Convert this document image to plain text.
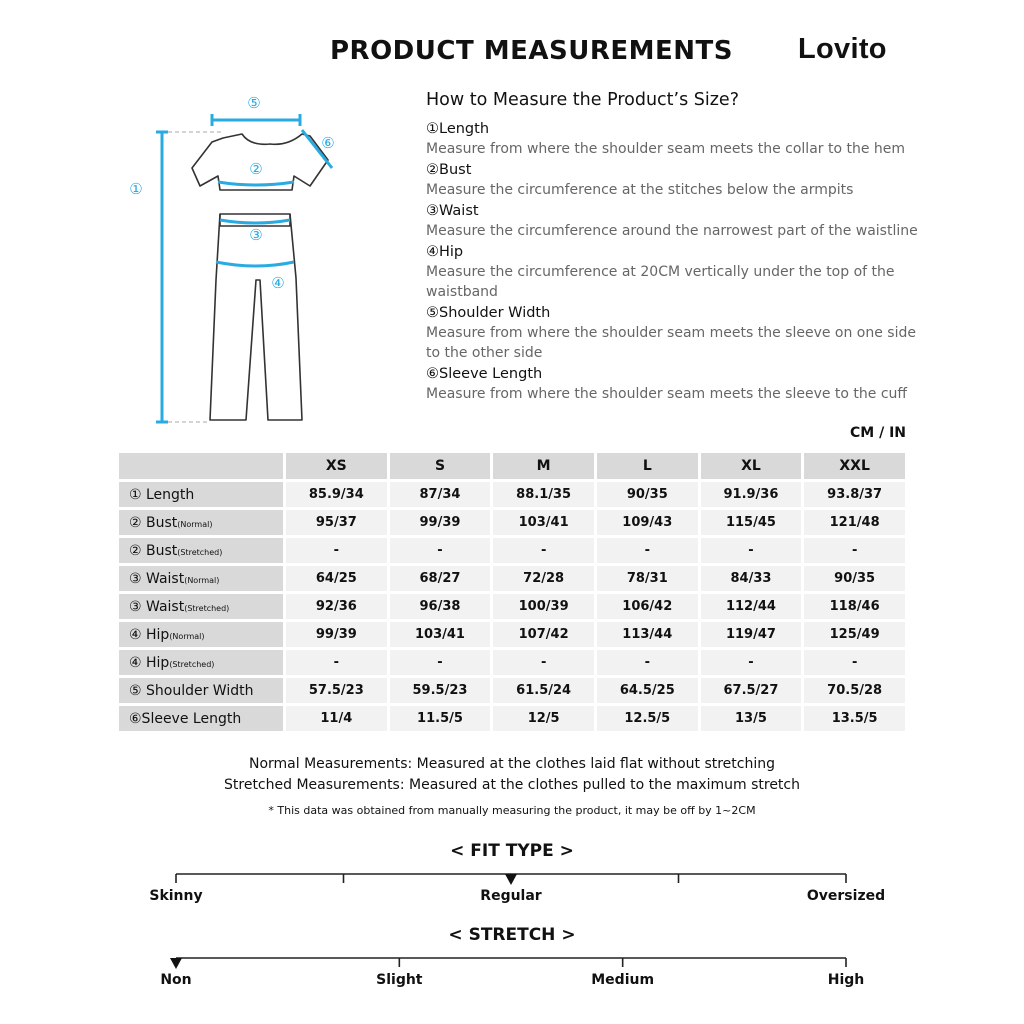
PRODUCT MEASUREMENTS Lovito
①
②
③
④
⑤
⑥
How to Measure the Product’s Size?
①Length
Measure from where the shoulder seam meets the collar to the hem
②Bust
Measure the circumference at the stitches below the armpits
③Waist
Measure the circumference around the narrowest part of the waistline
④Hip
Measure the circumference at 20CM vertically under the top of the waistband
⑤Shoulder Width
Measure from where the shoulder seam meets the sleeve on one side to the other side
⑥Sleeve Length
Measure from where the shoulder seam meets the sleeve to the cuff
CM / IN
	XS	S	M	L	XL	XXL
① Length	85.9/34	87/34	88.1/35	90/35	91.9/36	93.8/37
② Bust(Normal)	95/37	99/39	103/41	109/43	115/45	121/48
② Bust(Stretched)	-	-	-	-	-	-
③ Waist(Normal)	64/25	68/27	72/28	78/31	84/33	90/35
③ Waist(Stretched)	92/36	96/38	100/39	106/42	112/44	118/46
④ Hip(Normal)	99/39	103/41	107/42	113/44	119/47	125/49
④ Hip(Stretched)	-	-	-	-	-	-
⑤ Shoulder Width	57.5/23	59.5/23	61.5/24	64.5/25	67.5/27	70.5/28
⑥Sleeve Length	11/4	11.5/5	12/5	12.5/5	13/5	13.5/5
Normal Measurements: Measured at the clothes laid flat without stretching
Stretched Measurements: Measured at the clothes pulled to the maximum stretch
* This data was obtained from manually measuring the product, it may be off by 1~2CM
< FIT TYPE >
Skinny	Regular	Oversized
< STRETCH >
Non	Slight	Medium	High
